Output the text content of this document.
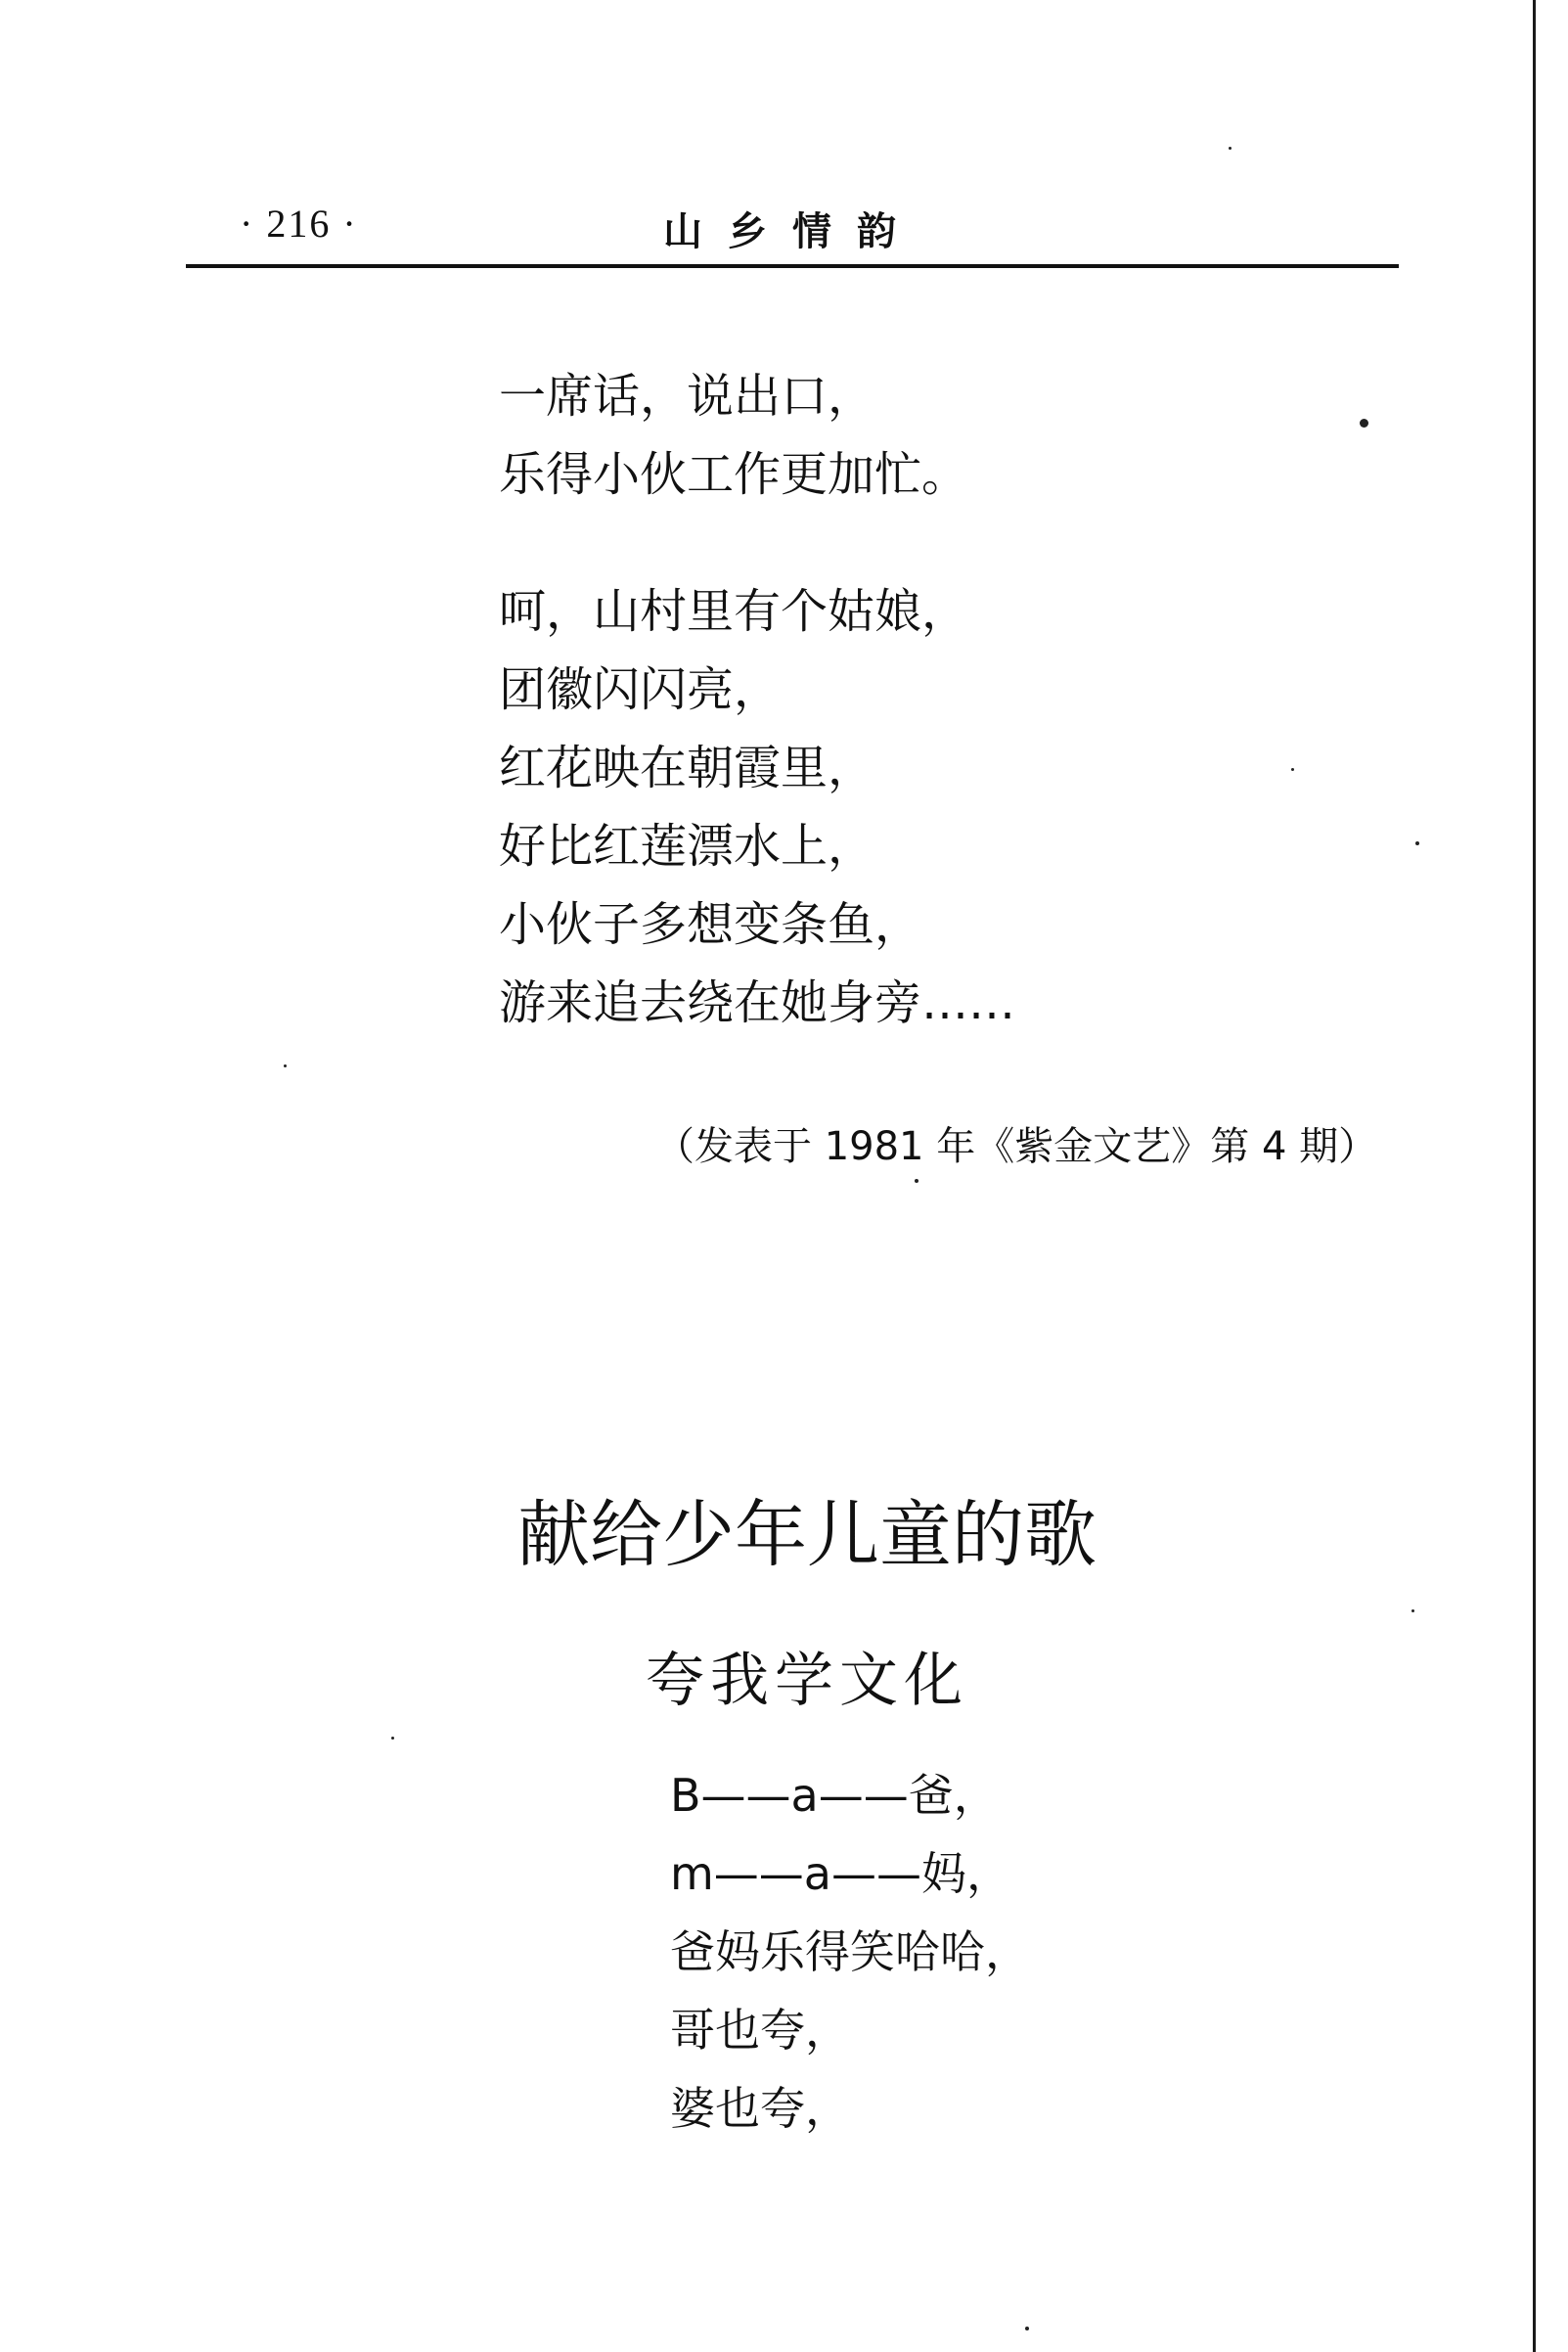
· 216 ·	山乡情韵
一席话，说出口，
乐得小伙工作更加忙。
呵，山村里有个姑娘，
团徽闪闪亮，
红花映在朝霞里，
好比红莲漂水上，
小伙子多想变条鱼，
游来追去绕在她身旁……
（发表于 1981 年《紫金文艺》第 4 期）
献给少年儿童的歌
夸我学文化
B——a——爸，
m——a——妈，
爸妈乐得笑哈哈，
哥也夸，
婆也夸，
